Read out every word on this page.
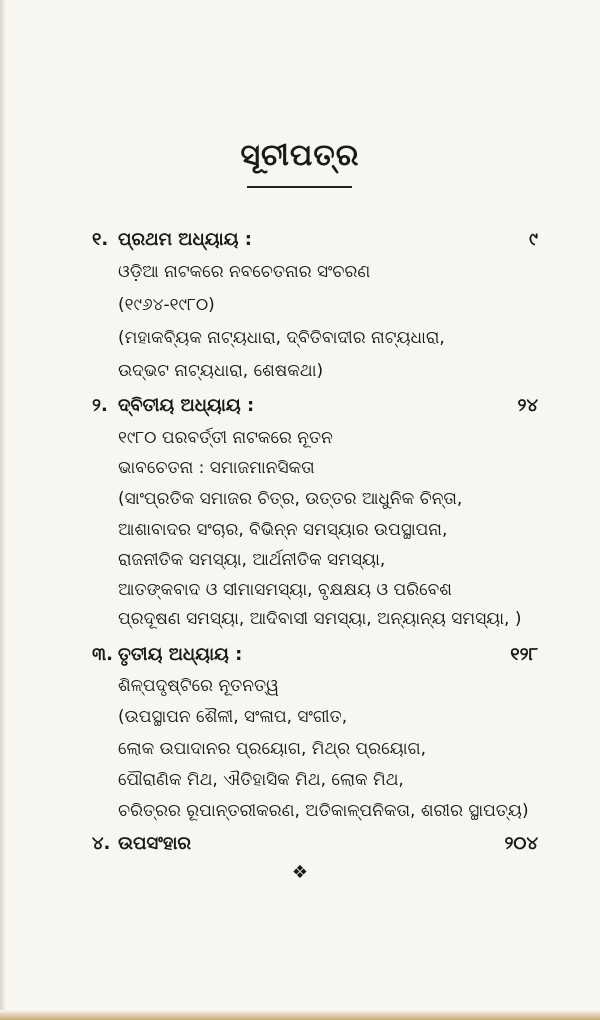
ସୂଚୀପତ୍ର
୧. ପ୍ରଥମ ଅଧ୍ୟାୟ :	୯
ଓଡ଼ିଆ ନାଟକରେ ନବଚେତନାର ସଂଚରଣ
(୧୯୬୪-୧୯୮୦)
(ମହାକବ୍ୟିକ ନାଟ୍ୟଧାରା, ଦ୍ବିତିବାଦୀର ନାଟ୍ୟଧାରା,
ଉଦ୍ଭଟ ନାଟ୍ୟଧାରା, ଶେଷକଥା)
୨. ଦ୍ବିତୀୟ ଅଧ୍ୟାୟ :	୨୪
୧୯୮୦ ପରବର୍ତ୍ତୀ ନାଟକରେ ନୂତନ
ଭାବଚେତନା : ସମାଜମାନସିକତା
(ସାଂପ୍ରତିକ ସମାଜର ଚିତ୍ର, ଉତ୍ତର ଆଧୁନିକ ଚିନ୍ତା,
ଆଶାବାଦର ସଂଚାର, ବିଭିନ୍ନ ସମସ୍ୟାର ଉପସ୍ଥାପନା,
ରାଜନୀତିକ ସମସ୍ୟା, ଆର୍ଥନୀତିକ ସମସ୍ୟା,
ଆତଙ୍କବାଦ ଓ ସୀମାସମସ୍ୟା, ବୃକ୍ଷକ୍ଷୟ ଓ ପରିବେଶ
ପ୍ରଦୂଷଣ ସମସ୍ୟା, ଆଦିବାସୀ ସମସ୍ୟା, ଅନ୍ୟାନ୍ୟ ସମସ୍ୟା, )
୩. ତୃତୀୟ ଅଧ୍ୟାୟ :	୧୨୮
ଶିଳ୍ପଦୃଷ୍ଟିରେ ନୂତନତ୍ୱ
(ଉପସ୍ଥାପନ ଶୈଳୀ, ସଂଳାପ, ସଂଗୀତ,
ଲୋକ ଉପାଦାନର ପ୍ରୟୋଗ, ମିଥ୍ର ପ୍ରୟୋଗ,
ପୌରାଣିକ ମିଥ, ଐତିହାସିକ ମିଥ, ଲୋକ ମିଥ,
ଚରିତ୍ରର ରୂପାନ୍ତରୀକରଣ, ଅତିକାଳ୍ପନିକତା, ଶରୀର ସ୍ଥାପତ୍ୟ)
୪. ଉପସଂହାର	୨୦୪
❖
